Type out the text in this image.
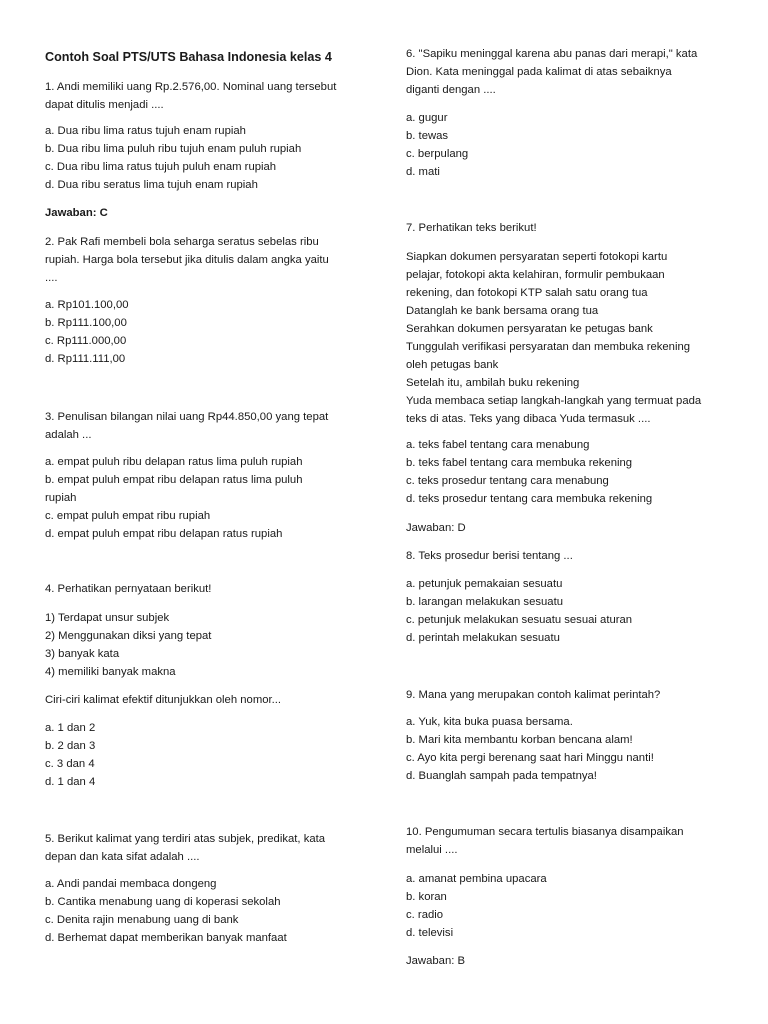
Contoh Soal PTS/UTS Bahasa Indonesia kelas 4
1. Andi memiliki uang Rp.2.576,00. Nominal uang tersebut
dapat ditulis menjadi ....
a. Dua ribu lima ratus tujuh enam rupiah
b. Dua ribu lima puluh ribu tujuh enam puluh rupiah
c. Dua ribu lima ratus tujuh puluh enam rupiah
d. Dua ribu seratus lima tujuh enam rupiah
Jawaban: C
2. Pak Rafi membeli bola seharga seratus sebelas ribu
rupiah. Harga bola tersebut jika ditulis dalam angka yaitu
....
a. Rp101.100,00
b. Rp111.100,00
c. Rp111.000,00
d. Rp111.111,00
3. Penulisan bilangan nilai uang Rp44.850,00 yang tepat
adalah ...
a. empat puluh ribu delapan ratus lima puluh rupiah
b. empat puluh empat ribu delapan ratus lima puluh
rupiah
c. empat puluh empat ribu rupiah
d. empat puluh empat ribu delapan ratus rupiah
4. Perhatikan pernyataan berikut!
1) Terdapat unsur subjek
2) Menggunakan diksi yang tepat
3) banyak kata
4) memiliki banyak makna
Ciri-ciri kalimat efektif ditunjukkan oleh nomor...
a. 1 dan 2
b. 2 dan 3
c. 3 dan 4
d. 1 dan 4
5. Berikut kalimat yang terdiri atas subjek, predikat, kata
depan dan kata sifat adalah ....
a. Andi pandai membaca dongeng
b. Cantika menabung uang di koperasi sekolah
c. Denita rajin menabung uang di bank
d. Berhemat dapat memberikan banyak manfaat
6. "Sapiku meninggal karena abu panas dari merapi," kata
Dion. Kata meninggal pada kalimat di atas sebaiknya
diganti dengan ....
a. gugur
b. tewas
c. berpulang
d. mati
7. Perhatikan teks berikut!
Siapkan dokumen persyaratan seperti fotokopi kartu
pelajar, fotokopi akta kelahiran, formulir pembukaan
rekening, dan fotokopi KTP salah satu orang tua
Datanglah ke bank bersama orang tua
Serahkan dokumen persyaratan ke petugas bank
Tunggulah verifikasi persyaratan dan membuka rekening
oleh petugas bank
Setelah itu, ambilah buku rekening
Yuda membaca setiap langkah-langkah yang termuat pada
teks di atas. Teks yang dibaca Yuda termasuk ....
a. teks fabel tentang cara menabung
b. teks fabel tentang cara membuka rekening
c. teks prosedur tentang cara menabung
d. teks prosedur tentang cara membuka rekening
Jawaban: D
8. Teks prosedur berisi tentang ...
a. petunjuk pemakaian sesuatu
b. larangan melakukan sesuatu
c. petunjuk melakukan sesuatu sesuai aturan
d. perintah melakukan sesuatu
9. Mana yang merupakan contoh kalimat perintah?
a. Yuk, kita buka puasa bersama.
b. Mari kita membantu korban bencana alam!
c. Ayo kita pergi berenang saat hari Minggu nanti!
d. Buanglah sampah pada tempatnya!
10. Pengumuman secara tertulis biasanya disampaikan
melalui ....
a. amanat pembina upacara
b. koran
c. radio
d. televisi
Jawaban: B
